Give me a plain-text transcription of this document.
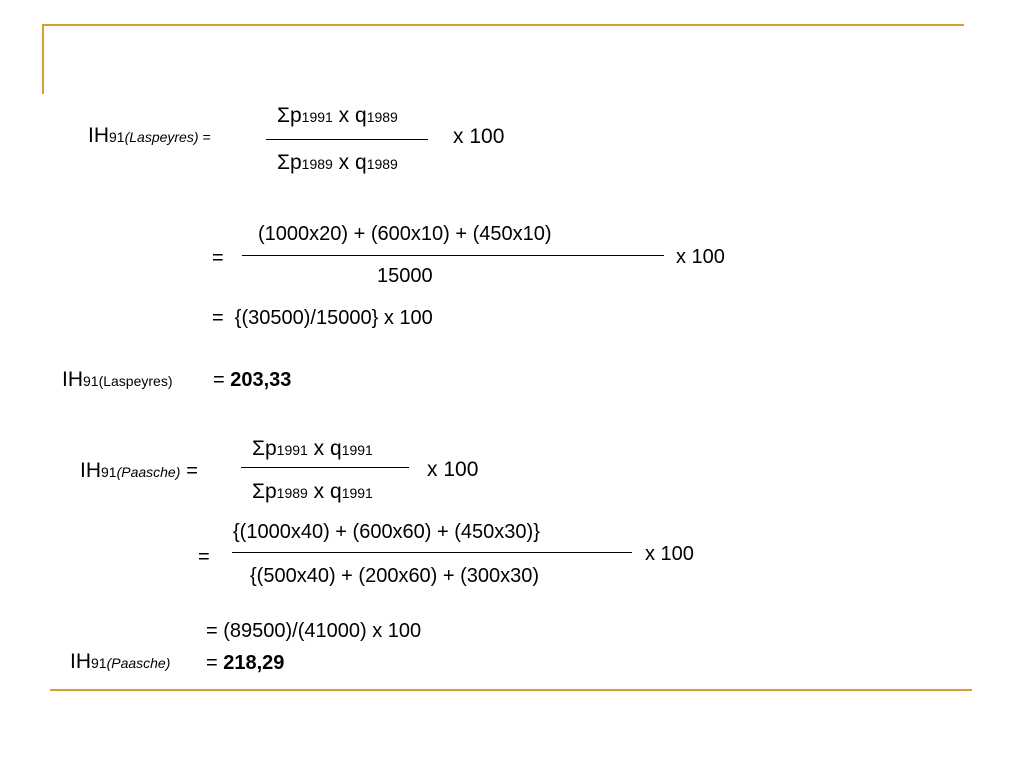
IH91(Laspeyres) =
Σp1991 x q1989
Σp1989 x q1989
x 100
=
(1000x20) + (600x10) + (450x10)
15000
x 100
=  {(30500)/15000} x 100
IH91(Laspeyres) = 203,33
IH91(Paasche) =
Σp1991 x q1991
Σp1989 x q1991
x 100
=
{(1000x40) + (600x60) + (450x30)}
{(500x40) + (200x60) + (300x30)
x 100
= (89500)/(41000) x 100
IH91(Paasche) = 218,29
